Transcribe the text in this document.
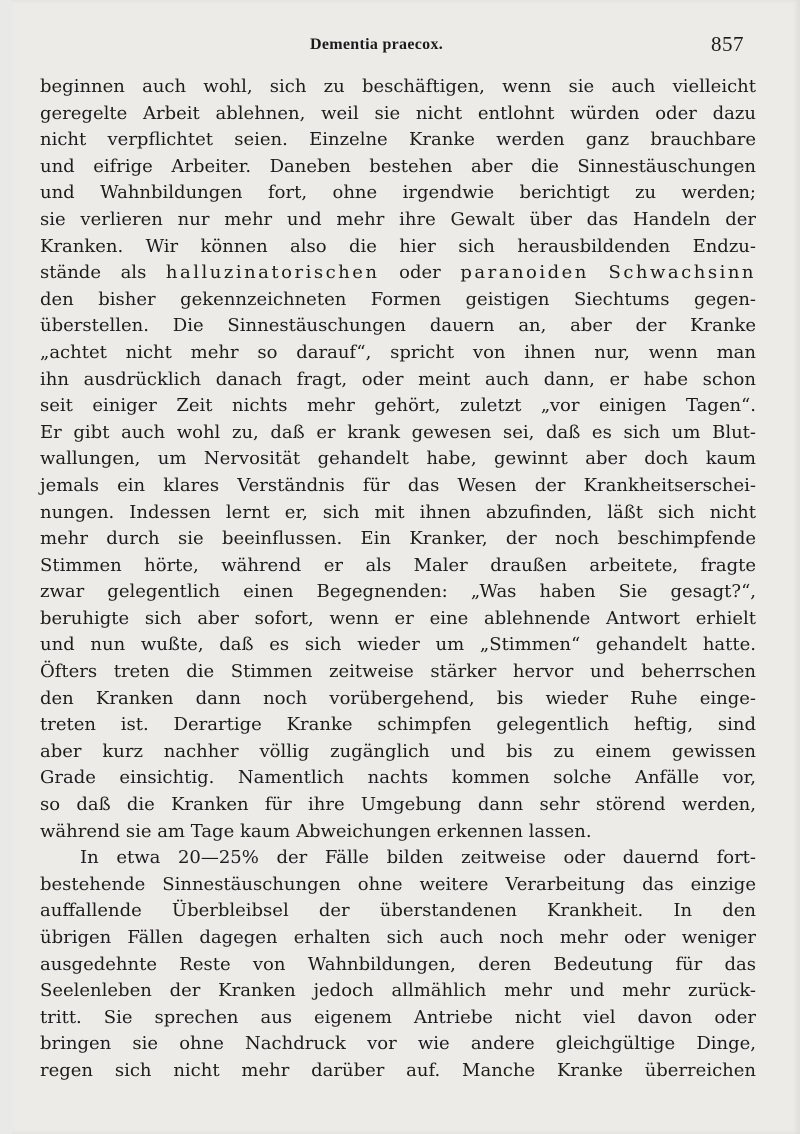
Dementia praecox.	857

beginnen auch wohl, sich zu beschäftigen, wenn sie auch vielleicht
geregelte Arbeit ablehnen, weil sie nicht entlohnt würden oder dazu
nicht verpflichtet seien. Einzelne Kranke werden ganz brauchbare
und eifrige Arbeiter. Daneben bestehen aber die Sinnestäuschungen
und Wahnbildungen fort, ohne irgendwie berichtigt zu werden;
sie verlieren nur mehr und mehr ihre Gewalt über das Handeln der
Kranken. Wir können also die hier sich herausbildenden Endzu-
stände als halluzinatorischen oder paranoiden Schwachsinn
den bisher gekennzeichneten Formen geistigen Siechtums gegen-
überstellen. Die Sinnestäuschungen dauern an, aber der Kranke
„achtet nicht mehr so darauf“, spricht von ihnen nur, wenn man
ihn ausdrücklich danach fragt, oder meint auch dann, er habe schon
seit einiger Zeit nichts mehr gehört, zuletzt „vor einigen Tagen“.
Er gibt auch wohl zu, daß er krank gewesen sei, daß es sich um Blut-
wallungen, um Nervosität gehandelt habe, gewinnt aber doch kaum
jemals ein klares Verständnis für das Wesen der Krankheitserschei-
nungen. Indessen lernt er, sich mit ihnen abzufinden, läßt sich nicht
mehr durch sie beeinflussen. Ein Kranker, der noch beschimpfende
Stimmen hörte, während er als Maler draußen arbeitete, fragte
zwar gelegentlich einen Begegnenden: „Was haben Sie gesagt?“,
beruhigte sich aber sofort, wenn er eine ablehnende Antwort erhielt
und nun wußte, daß es sich wieder um „Stimmen“ gehandelt hatte.
Öfters treten die Stimmen zeitweise stärker hervor und beherrschen
den Kranken dann noch vorübergehend, bis wieder Ruhe einge-
treten ist. Derartige Kranke schimpfen gelegentlich heftig, sind
aber kurz nachher völlig zugänglich und bis zu einem gewissen
Grade einsichtig. Namentlich nachts kommen solche Anfälle vor,
so daß die Kranken für ihre Umgebung dann sehr störend werden,
während sie am Tage kaum Abweichungen erkennen lassen.

In etwa 20—25% der Fälle bilden zeitweise oder dauernd fort-
bestehende Sinnestäuschungen ohne weitere Verarbeitung das einzige
auffallende Überbleibsel der überstandenen Krankheit. In den
übrigen Fällen dagegen erhalten sich auch noch mehr oder weniger
ausgedehnte Reste von Wahnbildungen, deren Bedeutung für das
Seelenleben der Kranken jedoch allmählich mehr und mehr zurück-
tritt. Sie sprechen aus eigenem Antriebe nicht viel davon oder
bringen sie ohne Nachdruck vor wie andere gleichgültige Dinge,
regen sich nicht mehr darüber auf. Manche Kranke überreichen
